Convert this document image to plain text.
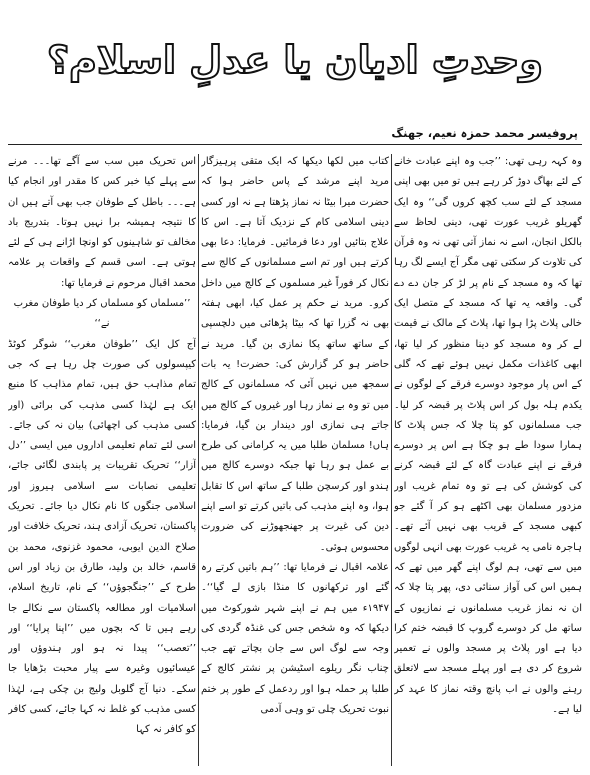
وحدتِ ادیان یا عدلِ اسلام؟
پروفیسر محمد حمزہ نعیم، جھنگ

وہ کہہ رہی تھی: ’’جب وہ اپنے عبادت خانے کے لئے بھاگ دوڑ کر رہے ہیں تو میں بھی اپنی مسجد کے لئے سب کچھ کروں گی‘‘ وہ ایک گھریلو غریب عورت تھی، دینی لحاظ سے بالکل انجان، اسے نہ نماز آتی تھی نہ وہ قرآن کی تلاوت کر سکتی تھی مگر آج ایسے لگ رہا تھا کہ وہ مسجد کے نام پر لڑ کر جان دے دے گی۔ واقعہ یہ تھا کہ مسجد کے متصل ایک خالی پلاٹ پڑا ہوا تھا، پلاٹ کے مالک نے قیمت لے کر وہ مسجد کو دینا منظور کر لیا تھا، ابھی کاغذات مکمل نہیں ہوئے تھے کہ گلی کے اس پار موجود دوسرے فرقے کے لوگوں نے یکدم ہلہ بول کر اس پلاٹ پر قبضہ کر لیا۔ جب مسلمانوں کو پتا چلا کہ جس پلاٹ کا ہمارا سودا طے ہو چکا ہے اس پر دوسرے فرقے نے اپنے عبادت گاہ کے لئے قبضہ کرنے کی کوشش کی ہے تو وہ تمام غریب اور مزدور مسلمان بھی اکٹھے ہو کر آ گئے جو کبھی مسجد کے قریب بھی نہیں آئے تھے۔ ہاجرہ نامی یہ غریب عورت بھی انہی لوگوں میں سے تھی، ہم لوگ اپنے گھر میں تھے کہ ہمیں اس کی آواز سنائی دی، پھر پتا چلا کہ ان نہ نماز غریب مسلمانوں نے نمازیوں کے ساتھ مل کر دوسرے گروپ کا قبضہ ختم کرا دیا ہے اور پلاٹ پر مسجد والوں نے تعمیر شروع کر دی ہے اور پہلے مسجد سے لاتعلق رہنے والوں نے اب پانچ وقتہ نماز کا عہد کر لیا ہے۔

کتاب میں لکھا دیکھا کہ ایک متقی پرہیزگار مرید اپنے مرشد کے پاس حاضر ہوا کہ حضرت میرا بیٹا نہ نماز پڑھتا ہے نہ اور کسی دینی اسلامی کام کے نزدیک آتا ہے۔ اس کا علاج بتائیں اور دعا فرمائیں۔ فرمایا: دعا بھی کرتے ہیں اور تم اسے مسلمانوں کے کالج سے نکال کر فوراً غیر مسلموں کے کالج میں داخل کرو۔ مرید نے حکم پر عمل کیا، ابھی ہفتہ بھی نہ گزرا تھا کہ بیٹا پڑھائی میں دلچسپی کے ساتھ ساتھ پکا نمازی بن گیا۔ مرید نے حاضر ہو کر گزارش کی: حضرت! یہ بات سمجھ میں نہیں آئی کہ مسلمانوں کے کالج میں تو وہ بے نماز رہا اور غیروں کے کالج میں جاتے ہی نمازی اور دیندار بن گیا، فرمایا: ہاں! مسلمان طلبا میں یہ کرامانی کی طرح بے عمل ہو رہا تھا جبکہ دوسرے کالج میں ہندو اور کرسچن طلبا کے ساتھ اس کا تقابل ہوا، وہ اپنے مذہب کی باتیں کرتے تو اسے اپنے دین کی غیرت پر جھنجھوڑنے کی ضرورت محسوس ہوئی۔

علامہ اقبال نے فرمایا تھا: ’’ہم باتیں کرتے رہ گئے اور ترکھانوں کا منڈا بازی لے گیا‘‘۔ ۱۹۴۷ء میں ہم نے اپنے شہر شورکوٹ میں دیکھا کہ وہ شخص جس کی غنڈہ گردی کی وجہ سے لوگ اس سے جان بچاتے تھے جب چناب نگر ریلوے اسٹیشن پر نشتر کالج کے طلبا پر حملہ ہوا اور ردعمل کے طور پر ختم نبوت تحریک چلی تو وہی آدمی

اس تحریک میں سب سے آگے تھا۔۔۔ مرنے سے پہلے کیا خبر کس کا مقدر اور انجام کیا ہے۔۔۔ باطل کے طوفان جب بھی آتے ہیں ان کا نتیجہ ہمیشہ برا نہیں ہوتا۔ بتدریج باد مخالف تو شاہینوں کو اونچا اڑانے ہی کے لئے ہوتی ہے۔ اسی قسم کے واقعات پر علامہ محمد اقبال مرحوم نے فرمایا تھا:

’’مسلماں کو مسلماں کر دیا طوفان مغرب نے‘‘

آج کل ایک ’’طوفان مغرب‘‘ شوگر کوٹڈ کیپسولوں کی صورت چل رہا ہے کہ جی تمام مذاہب حق ہیں، تمام مذاہب کا منبع ایک ہے لہٰذا کسی مذہب کی برائی (اور کسی مذہب کی اچھائی) بیان نہ کی جائے۔ اسی لئے تمام تعلیمی اداروں میں ایسی ’’دل آزار‘‘ تحریک تقریبات پر پابندی لگائی جائے، تعلیمی نصابات سے اسلامی ہیروز اور اسلامی جنگوں کا نام نکال دیا جائے۔ تحریک پاکستان، تحریک آزادی ہند، تحریک خلافت اور صلاح الدین ایوبی، محمود غزنوی، محمد بن قاسم، خالد بن ولید، طارق بن زیاد اور اس طرح کے ’’جنگجوؤں‘‘ کے نام، تاریخ اسلام، اسلامیات اور مطالعہ پاکستان سے نکالے جا رہے ہیں تا کہ بچوں میں ’’اپنا پرایا‘‘ اور ’’تعصب‘‘ پیدا نہ ہو اور ہندوؤں اور عیسائیوں وغیرہ سے پیار محبت بڑھایا جا سکے۔ دنیا آج گلوبل ولیج بن چکی ہے، لہٰذا کسی مذہب کو غلط نہ کہا جائے، کسی کافر کو کافر نہ کہا
